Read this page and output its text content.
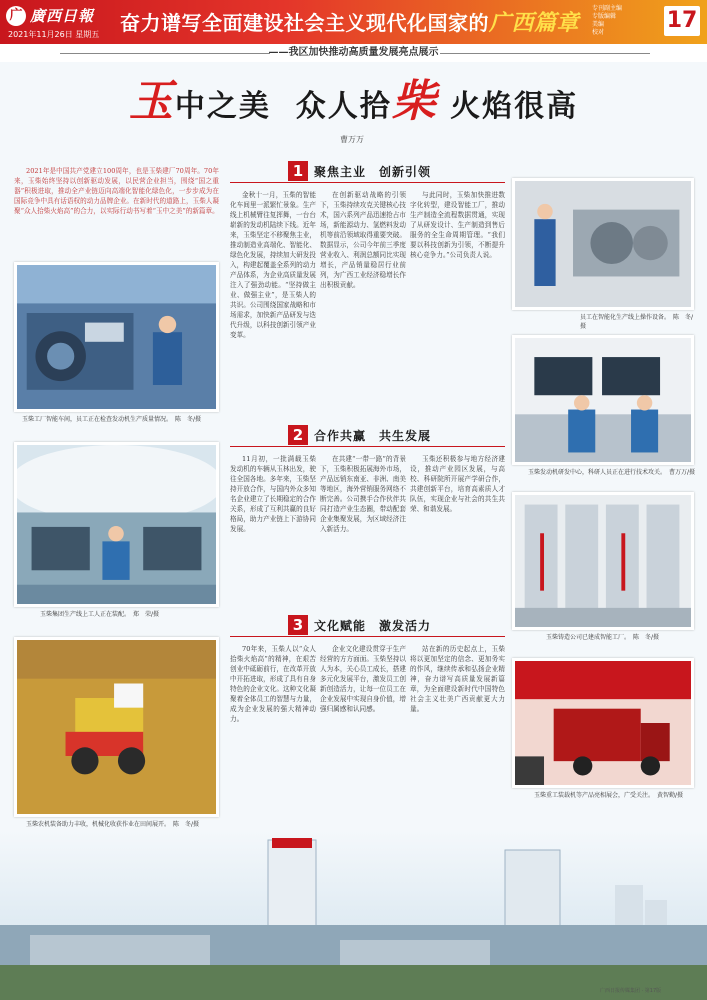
广 廣西日報
2021年11月26日 星期五 奋力谱写全面建设社会主义现代化国家的广西篇章
专刊副主编
专版编辑
美编
校对	17
——我区加快推动高质量发展亮点展示
玉中之美 众人拾柴 火焰很高
曹万万
2021年是中国共产党建立100周年，也是玉柴建厂70周年。70年来，玉柴始终坚持以创新驱动发展，以民营企业担当，围绕“国之重器”积极进取，推动全产业链迈向高端化智能化绿色化，一步步成为在国际竞争中具有话语权的动力品牌企业。在新时代的道路上，玉柴人凝聚“众人拾柴火焰高”的合力，以实际行动书写着“玉中之美”的新篇章。
玉柴工厂智能车间，员工正在检查发动机生产质量情况。　陈　冬/摄
玉柴集团生产线上工人正在装配。　郑　荣/摄
玉柴农机装备助力丰收，机械化收获作业在田间展开。　陈　冬/摄
1 聚焦主业　创新引领
金秋十一月，玉柴的智能化车间里一派繁忙景象。生产线上机械臂往复挥舞，一台台崭新的发动机陆续下线。近年来，玉柴坚定不移聚焦主业，推动制造业高端化、智能化、绿色化发展，持续加大研发投入，构建起覆盖全系列的动力产品体系，为企业高质量发展注入了强劲动能。“坚持做主业、做强主业”，是玉柴人的共识。公司围绕国家战略和市场需求，加快新产品研发与迭代升级，以科技创新引领产业变革。
在创新驱动战略的引领下，玉柴持续攻克关键核心技术，国六系列产品迅速抢占市场，新能源动力、氢燃料发动机等前沿领域取得重要突破。数据显示，公司今年前三季度营业收入、利润总额同比实现增长，产品销量稳居行业前列，为广西工业经济稳增长作出积极贡献。
与此同时，玉柴加快推进数字化转型，建设智能工厂，推动生产制造全流程数据贯通，实现了从研发设计、生产制造到售后服务的全生命周期管理。“我们要以科技创新为引领，不断提升核心竞争力。”公司负责人说。
2 合作共赢　共生发展
11月初，一批满载玉柴发动机的车辆从玉林出发，驶往全国各地。多年来，玉柴坚持开放合作，与国内外众多知名企业建立了长期稳定的合作关系，形成了互利共赢的良好格局，助力产业链上下游协同发展。
在共建“一带一路”的背景下，玉柴积极拓展海外市场，产品远销东南亚、非洲、南美等地区，海外营销服务网络不断完善。公司携手合作伙伴共同打造产业生态圈，带动配套企业集聚发展，为区域经济注入新活力。
玉柴还积极参与地方经济建设，推动产业园区发展，与高校、科研院所开展产学研合作，共建创新平台，培育高素质人才队伍，实现企业与社会的共生共荣、和谐发展。
3 文化赋能　激发活力
70年来，玉柴人以“众人拾柴火焰高”的精神，在艰苦创业中砥砺前行，在改革开放中开拓进取，形成了具有自身特色的企业文化。这种文化凝聚着全体员工的智慧与力量，成为企业发展的强大精神动力。
企业文化建设贯穿于生产经营的方方面面。玉柴坚持以人为本，关心员工成长，搭建多元化发展平台，激发员工创新创造活力，让每一位员工在企业发展中实现自身价值，增强归属感和认同感。
站在新的历史起点上，玉柴将以更加坚定的信念、更加务实的作风，继续传承和弘扬企业精神，奋力谱写高质量发展新篇章，为全面建设新时代中国特色社会主义壮美广西贡献更大力量。
员工在智能化生产线上操作设备。　陈　冬/摄
玉柴发动机研发中心，科研人员正在进行技术攻关。　曹万万/摄
玉柴铸造公司已建成智能工厂。　陈　冬/摄
玉柴重工装载机等产品亮相展会，广受关注。　黄智勤/摄
广西日报传媒集团 · 第17版
